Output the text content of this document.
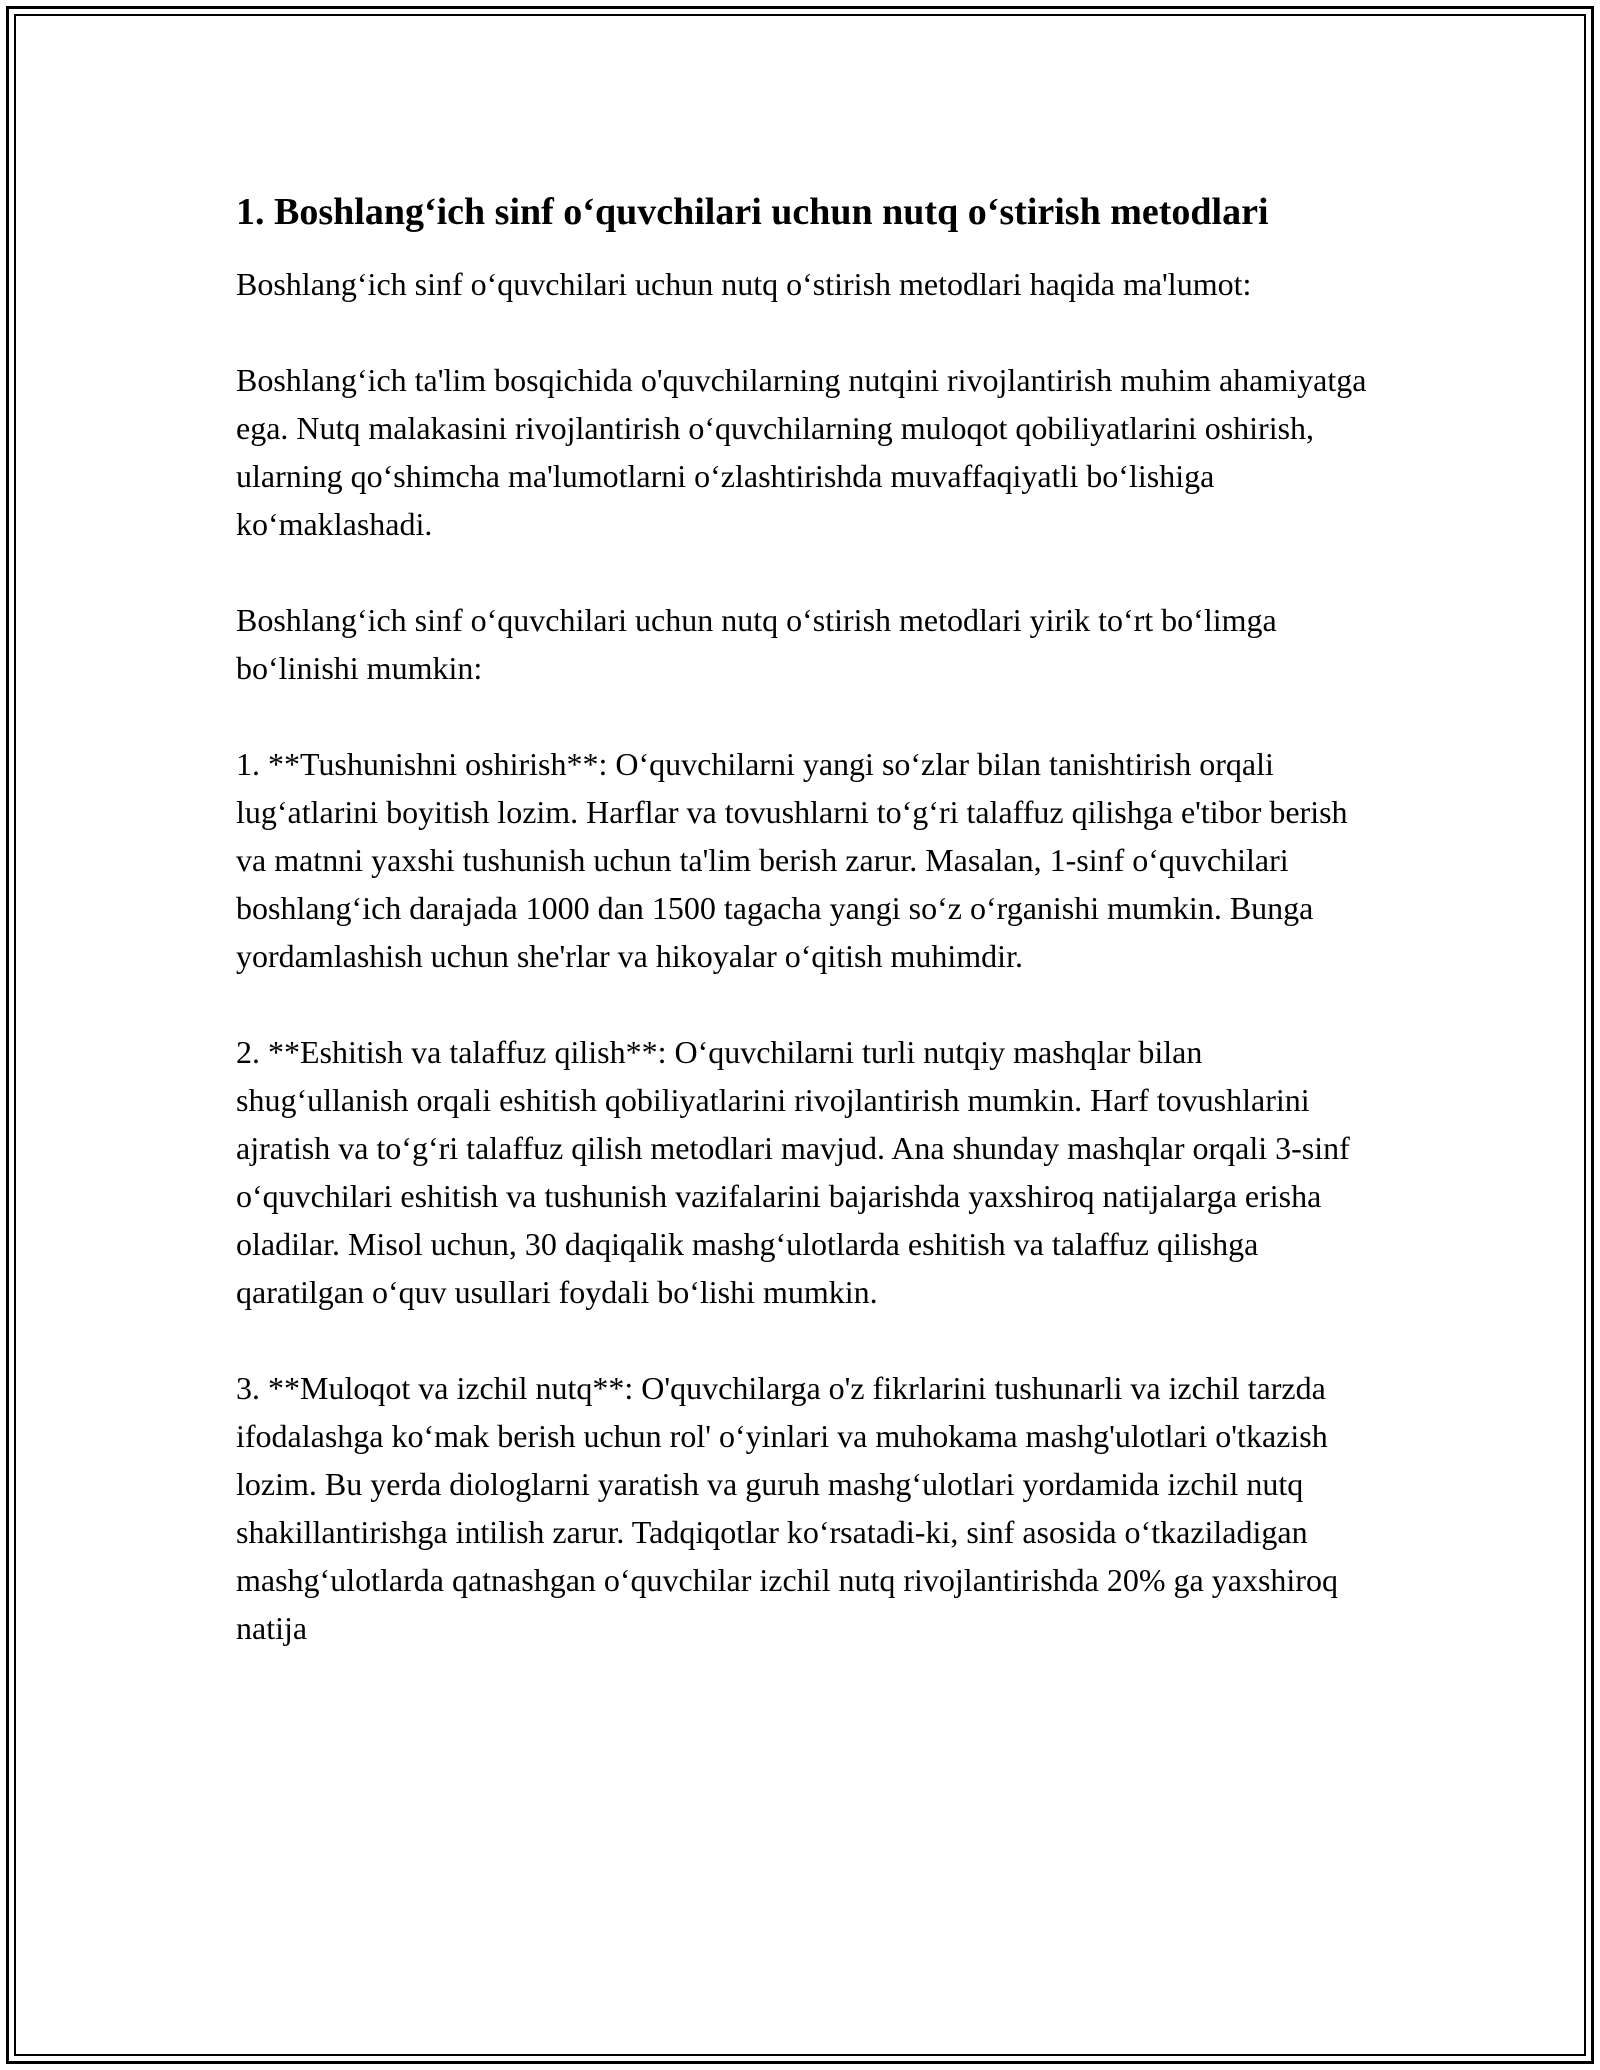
1. Boshlang‘ich sinf o‘quvchilari uchun nutq o‘stirish metodlari

Boshlang‘ich sinf o‘quvchilari uchun nutq o‘stirish metodlari haqida ma'lumot:

Boshlang‘ich ta'lim bosqichida o'quvchilarning nutqini rivojlantirish muhim ahamiyatga ega. Nutq malakasini rivojlantirish o‘quvchilarning muloqot qobiliyatlarini oshirish, ularning qo‘shimcha ma'lumotlarni o‘zlashtirishda muvaffaqiyatli bo‘lishiga ko‘maklashadi.

Boshlang‘ich sinf o‘quvchilari uchun nutq o‘stirish metodlari yirik to‘rt bo‘limga bo‘linishi mumkin:

1. **Tushunishni oshirish**: O‘quvchilarni yangi so‘zlar bilan tanishtirish orqali lug‘atlarini boyitish lozim. Harflar va tovushlarni to‘g‘ri talaffuz qilishga e'tibor berish va matnni yaxshi tushunish uchun ta'lim berish zarur. Masalan, 1-sinf o‘quvchilari boshlang‘ich darajada 1000 dan 1500 tagacha yangi so‘z o‘rganishi mumkin. Bunga yordamlashish uchun she'rlar va hikoyalar o‘qitish muhimdir.

2. **Eshitish va talaffuz qilish**: O‘quvchilarni turli nutqiy mashqlar bilan shug‘ullanish orqali eshitish qobiliyatlarini rivojlantirish mumkin. Harf tovushlarini ajratish va to‘g‘ri talaffuz qilish metodlari mavjud. Ana shunday mashqlar orqali 3-sinf o‘quvchilari eshitish va tushunish vazifalarini bajarishda yaxshiroq natijalarga erisha oladilar. Misol uchun, 30 daqiqalik mashg‘ulotlarda eshitish va talaffuz qilishga qaratilgan o‘quv usullari foydali bo‘lishi mumkin.

3. **Muloqot va izchil nutq**: O'quvchilarga o'z fikrlarini tushunarli va izchil tarzda ifodalashga ko‘mak berish uchun rol' o‘yinlari va muhokama mashg'ulotlari o'tkazish lozim. Bu yerda diologlarni yaratish va guruh mashg‘ulotlari yordamida izchil nutq shakillantirishga intilish zarur. Tadqiqotlar ko‘rsatadi-ki, sinf asosida o‘tkaziladigan mashg‘ulotlarda qatnashgan o‘quvchilar izchil nutq rivojlantirishda 20% ga yaxshiroq natija
